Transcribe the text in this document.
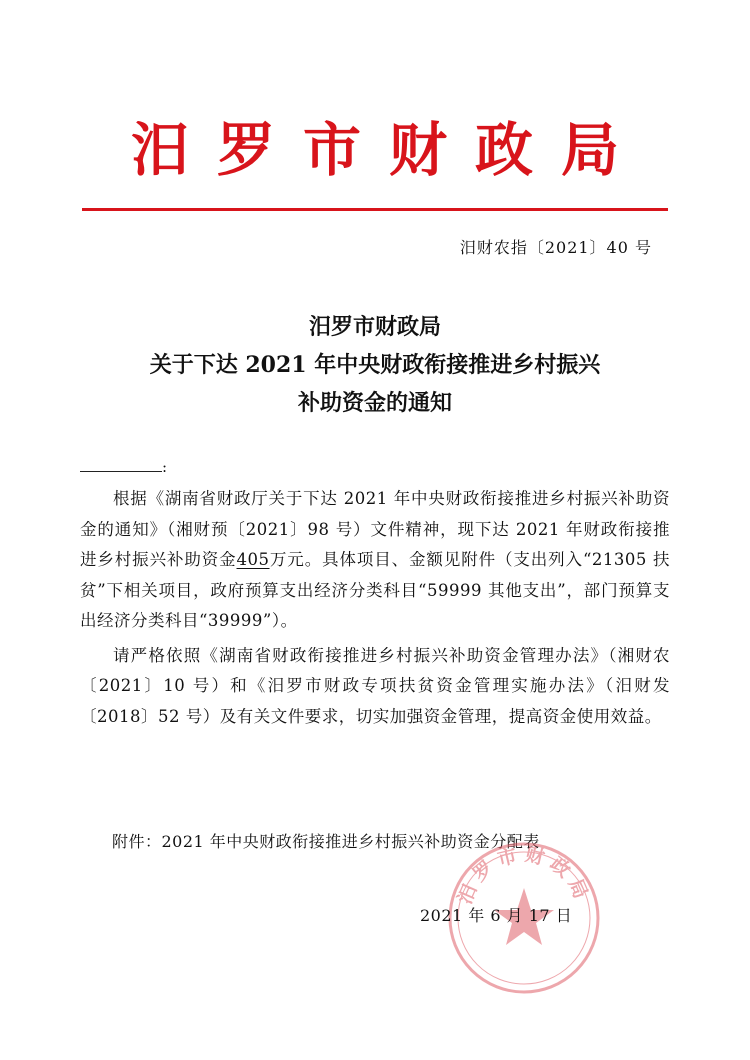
汨罗市财政局
汨财农指〔2021〕40 号
汨罗市财政局
关于下达 2021 年中央财政衔接推进乡村振兴
补助资金的通知
:

根据《湖南省财政厅关于下达 2021 年中央财政衔接推进乡村振兴补助资金的通知》（湘财预〔2021〕98 号）文件精神，现下达 2021 年财政衔接推进乡村振兴补助资金405万元。具体项目、金额见附件（支出列入“21305 扶贫”下相关项目，政府预算支出经济分类科目“59999 其他支出”，部门预算支出经济分类科目“39999”）。

请严格依照《湖南省财政衔接推进乡村振兴补助资金管理办法》（湘财农〔2021〕10 号）和《汨罗市财政专项扶贫资金管理实施办法》（汨财发〔2018〕52 号）及有关文件要求，切实加强资金管理，提高资金使用效益。

附件：2021 年中央财政衔接推进乡村振兴补助资金分配表
汨罗市财政局
2021 年 6 月 17 日
